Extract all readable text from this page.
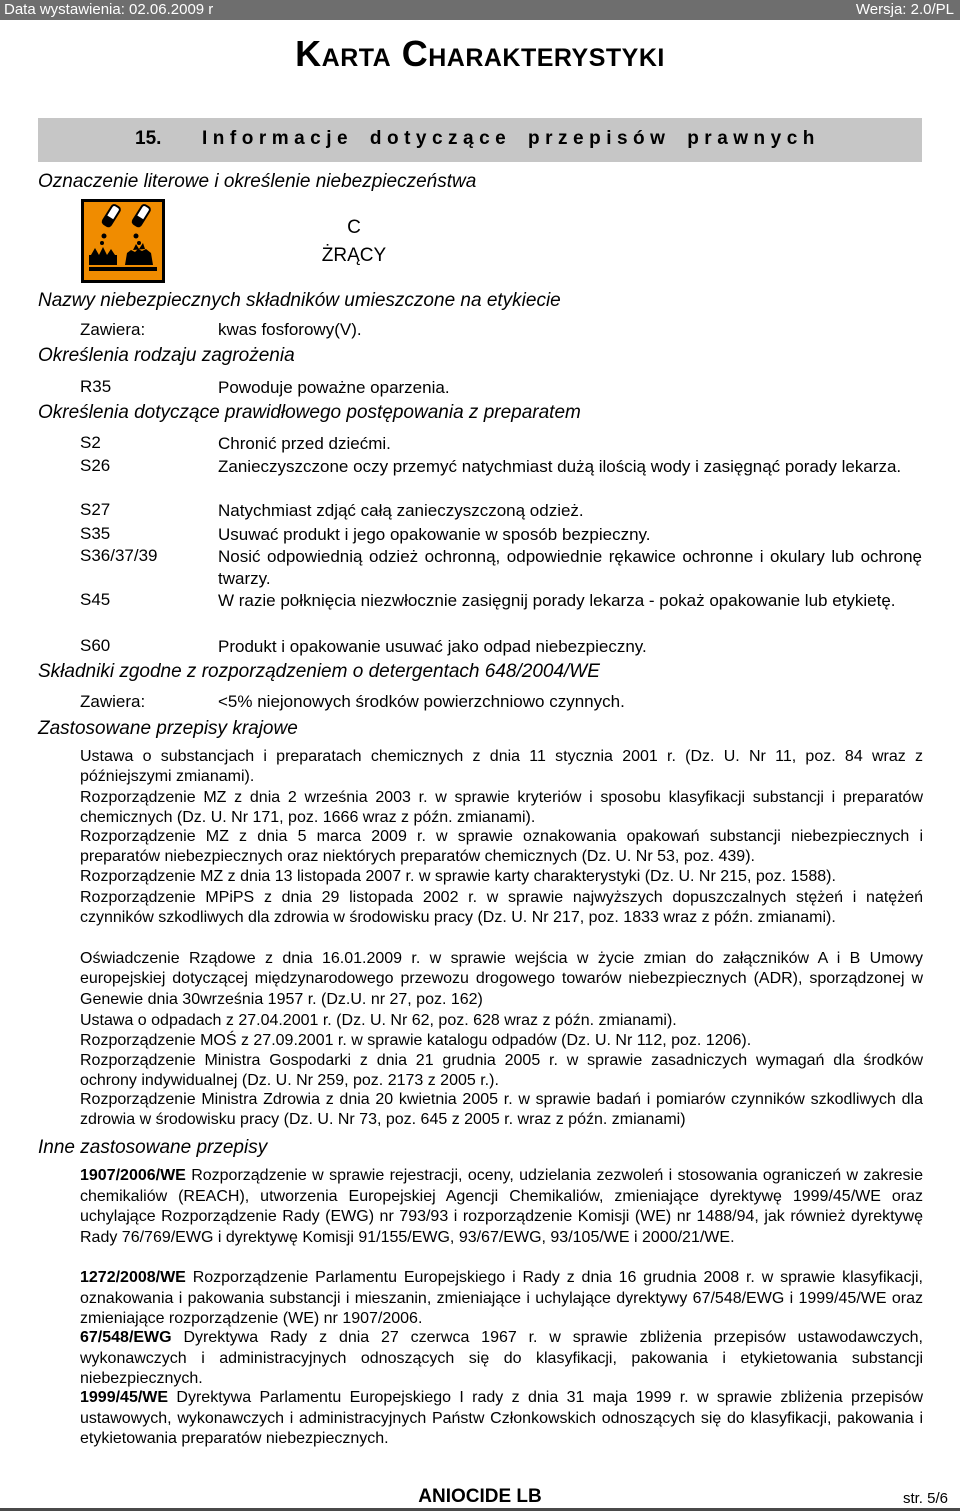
Data wystawienia: 02.06.2009 r	Wersja: 2.0/PL
Karta Charakterystyki
15. Informacje dotyczące przepisów prawnych
Oznaczenie literowe i określenie niebezpieczeństwa
C
ŻRĄCY
Nazwy niebezpiecznych składników umieszczone na etykiecie
Zawiera:	kwas fosforowy(V).
Określenia rodzaju zagrożenia
R35	Powoduje poważne oparzenia.
Określenia dotyczące prawidłowego postępowania z preparatem
S2	Chronić przed dziećmi.
S26	Zanieczyszczone oczy przemyć natychmiast dużą ilością wody i zasięgnąć porady lekarza.
S27	Natychmiast zdjąć całą zanieczyszczoną odzież.
S35	Usuwać produkt i jego opakowanie w sposób bezpieczny.
S36/37/39	Nosić odpowiednią odzież ochronną, odpowiednie rękawice ochronne i okulary lub ochronę twarzy.
S45	W razie połknięcia niezwłocznie zasięgnij porady lekarza - pokaż opakowanie lub etykietę.
S60	Produkt i opakowanie usuwać jako odpad niebezpieczny.
Składniki zgodne z rozporządzeniem o detergentach 648/2004/WE
Zawiera:	<5% niejonowych środków powierzchniowo czynnych.
Zastosowane przepisy krajowe
Ustawa o substancjach i preparatach chemicznych z dnia 11 stycznia 2001 r. (Dz. U. Nr 11, poz. 84 wraz z późniejszymi zmianami).
Rozporządzenie MZ z dnia 2 września 2003 r. w sprawie kryteriów i sposobu klasyfikacji substancji i preparatów chemicznych (Dz. U. Nr 171, poz. 1666 wraz z późn. zmianami).
Rozporządzenie MZ z dnia 5 marca 2009 r. w sprawie oznakowania opakowań substancji niebezpiecznych i preparatów niebezpiecznych oraz niektórych preparatów chemicznych (Dz. U. Nr 53, poz. 439).
Rozporządzenie MZ z dnia 13 listopada 2007 r. w sprawie karty charakterystyki (Dz. U. Nr 215, poz. 1588).
Rozporządzenie MPiPS z dnia 29 listopada 2002 r. w sprawie najwyższych dopuszczalnych stężeń i natężeń czynników szkodliwych dla zdrowia w środowisku pracy (Dz. U. Nr 217, poz. 1833 wraz z późn. zmianami).
Oświadczenie Rządowe z dnia 16.01.2009 r. w sprawie wejścia w życie zmian do załączników A i B Umowy europejskiej dotyczącej międzynarodowego przewozu drogowego towarów niebezpiecznych (ADR), sporządzonej w Genewie dnia 30września 1957 r. (Dz.U. nr 27, poz. 162)
Ustawa o odpadach z 27.04.2001 r. (Dz. U. Nr 62, poz. 628 wraz z późn. zmianami).
Rozporządzenie MOŚ z 27.09.2001 r. w sprawie katalogu odpadów (Dz. U. Nr 112, poz. 1206).
Rozporządzenie Ministra Gospodarki z dnia 21 grudnia 2005 r. w sprawie zasadniczych wymagań dla środków ochrony indywidualnej (Dz. U. Nr 259, poz. 2173 z 2005 r.).
Rozporządzenie Ministra Zdrowia z dnia 20 kwietnia 2005 r. w sprawie badań i pomiarów czynników szkodliwych dla zdrowia w środowisku pracy (Dz. U. Nr 73, poz. 645 z 2005 r. wraz z późn. zmianami)
Inne zastosowane przepisy
1907/2006/WE Rozporządzenie w sprawie rejestracji, oceny, udzielania zezwoleń i stosowania ograniczeń w zakresie chemikaliów (REACH), utworzenia Europejskiej Agencji Chemikaliów, zmieniające dyrektywę 1999/45/WE oraz uchylające Rozporządzenie Rady (EWG) nr 793/93 i rozporządzenie Komisji (WE) nr 1488/94, jak również dyrektywę Rady 76/769/EWG i dyrektywę Komisji 91/155/EWG, 93/67/EWG, 93/105/WE i 2000/21/WE.
1272/2008/WE Rozporządzenie Parlamentu Europejskiego i Rady z dnia 16 grudnia 2008 r. w sprawie klasyfikacji, oznakowania i pakowania substancji i mieszanin, zmieniające i uchylające dyrektywy 67/548/EWG i 1999/45/WE oraz zmieniające rozporządzenie (WE) nr 1907/2006.
67/548/EWG Dyrektywa Rady z dnia 27 czerwca 1967 r. w sprawie zbliżenia przepisów ustawodawczych, wykonawczych i administracyjnych odnoszących się do klasyfikacji, pakowania i etykietowania substancji niebezpiecznych.
1999/45/WE Dyrektywa Parlamentu Europejskiego I rady z dnia 31 maja 1999 r. w sprawie zbliżenia przepisów ustawowych, wykonawczych i administracyjnych Państw Członkowskich odnoszących się do klasyfikacji, pakowania i etykietowania preparatów niebezpiecznych.
ANIOCIDE LB	str. 5/6
